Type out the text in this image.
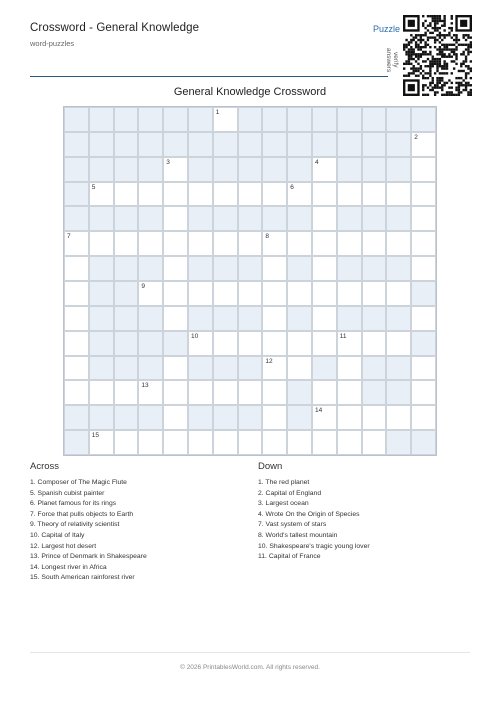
Crossword - General Knowledge
word-puzzles
Puzzle
verify answers
General Knowledge Crossword
1
2
3	4
5	6
7	8
9
10	11
12
13
14
15
Across
1. Composer of The Magic Flute
5. Spanish cubist painter
6. Planet famous for its rings
7. Force that pulls objects to Earth
9. Theory of relativity scientist
10. Capital of Italy
12. Largest hot desert
13. Prince of Denmark in Shakespeare
14. Longest river in Africa
15. South American rainforest river
Down
1. The red planet
2. Capital of England
3. Largest ocean
4. Wrote On the Origin of Species
7. Vast system of stars
8. World's tallest mountain
10. Shakespeare's tragic young lover
11. Capital of France
© 2026 PrintablesWorld.com. All rights reserved.
